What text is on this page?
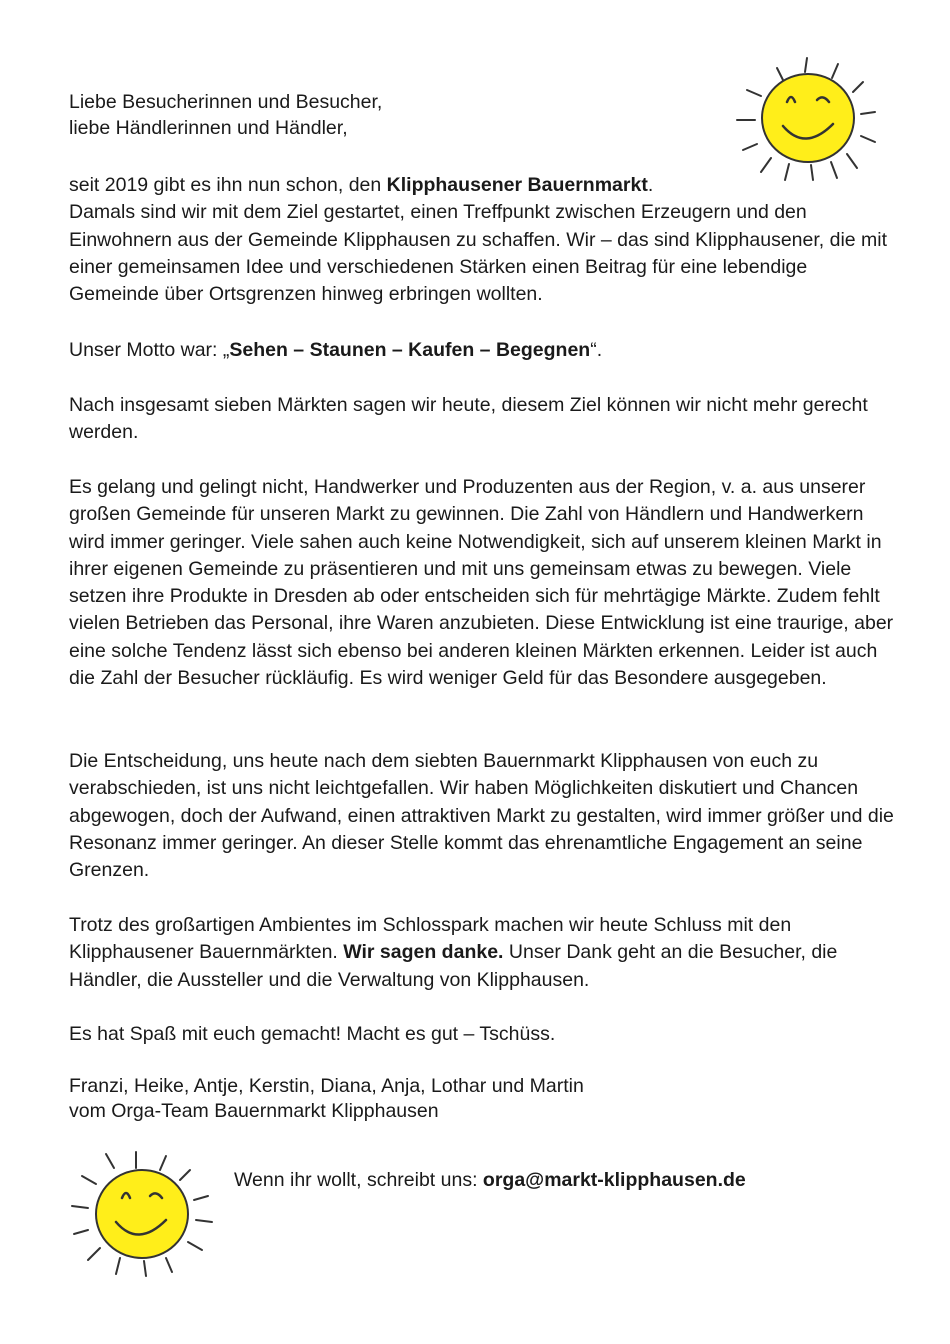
Liebe Besucherinnen und Besucher,

liebe Händlerinnen und Händler,

seit 2019 gibt es ihn nun schon, den Klipphausener Bauernmarkt.
Damals sind wir mit dem Ziel gestartet, einen Treffpunkt zwischen Erzeugern und den Einwohnern aus der Gemeinde Klipphausen zu schaffen. Wir – das sind Klipphausener, die mit einer gemeinsamen Idee und verschiedenen Stärken einen Beitrag für eine lebendige Gemeinde über Ortsgrenzen hinweg erbringen wollten.

Unser Motto war: „Sehen – Staunen – Kaufen – Begegnen“.

Nach insgesamt sieben Märkten sagen wir heute, diesem Ziel können wir nicht mehr gerecht werden.

Es gelang und gelingt nicht, Handwerker und Produzenten aus der Region, v. a. aus unserer großen Gemeinde für unseren Markt zu gewinnen. Die Zahl von Händlern und Handwerkern wird immer geringer. Viele sahen auch keine Notwendigkeit, sich auf unserem kleinen Markt in ihrer eigenen Gemeinde zu präsentieren und mit uns gemeinsam etwas zu bewegen. Viele setzen ihre Produkte in Dresden ab oder entscheiden sich für mehrtägige Märkte. Zudem fehlt vielen Betrieben das Personal, ihre Waren anzubieten. Diese Entwicklung ist eine traurige, aber eine solche Tendenz lässt sich ebenso bei anderen kleinen Märkten erkennen. Leider ist auch die Zahl der Besucher rückläufig. Es wird weniger Geld für das Besondere ausgegeben.

Die Entscheidung, uns heute nach dem siebten Bauernmarkt Klipphausen von euch zu verabschieden, ist uns nicht leichtgefallen. Wir haben Möglichkeiten diskutiert und Chancen abgewogen, doch der Aufwand, einen attraktiven Markt zu gestalten, wird immer größer und die Resonanz immer geringer. An dieser Stelle kommt das ehrenamtliche Engagement an seine Grenzen.

Trotz des großartigen Ambientes im Schlosspark machen wir heute Schluss mit den Klipphausener Bauernmärkten. Wir sagen danke. Unser Dank geht an die Besucher, die Händler, die Aussteller und die Verwaltung von Klipphausen.

Es hat Spaß mit euch gemacht! Macht es gut – Tschüss.

Franzi, Heike, Antje, Kerstin, Diana, Anja, Lothar und Martin

vom Orga-Team Bauernmarkt Klipphausen

Wenn ihr wollt, schreibt uns: orga@markt-klipphausen.de
